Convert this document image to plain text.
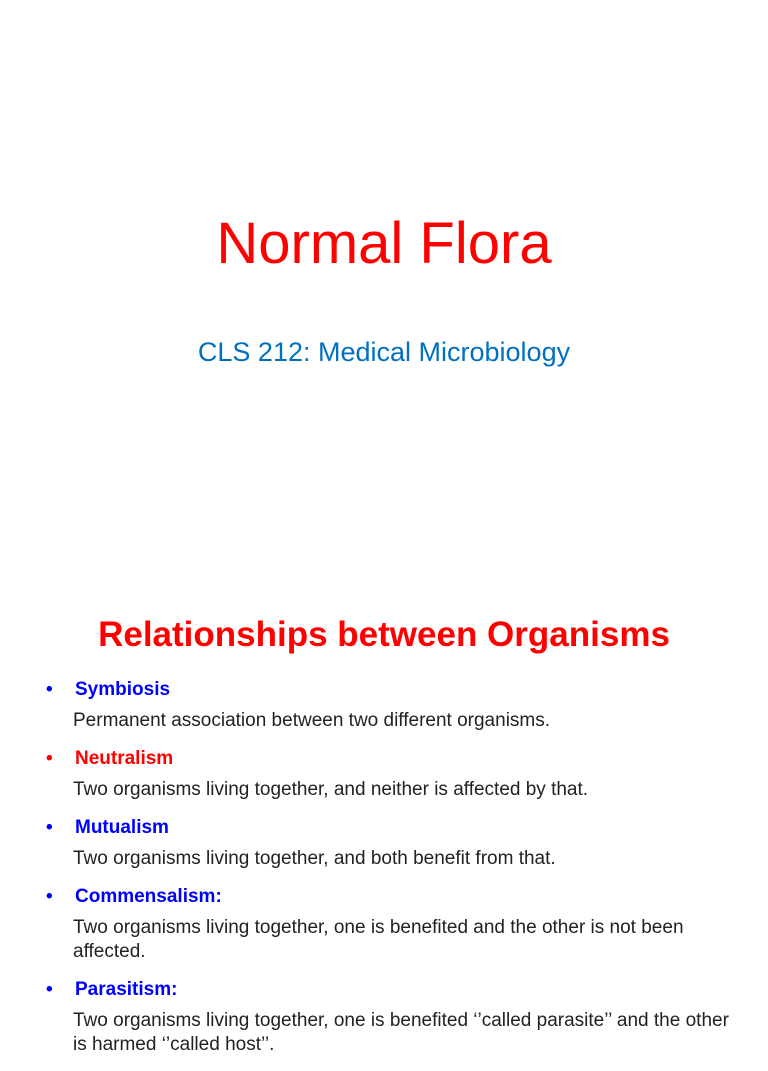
Normal Flora
CLS 212: Medical Microbiology
Relationships between Organisms
•	Symbiosis
Permanent association between two different organisms.
•	Neutralism
Two organisms living together, and neither is affected by that.
•	Mutualism
Two organisms living together, and both benefit from that.
•	Commensalism:
Two organisms living together, one is benefited and the other is not been affected.
•	Parasitism:
Two organisms living together, one is benefited ‘’called parasite’’ and the other is harmed ‘’called host’’.
